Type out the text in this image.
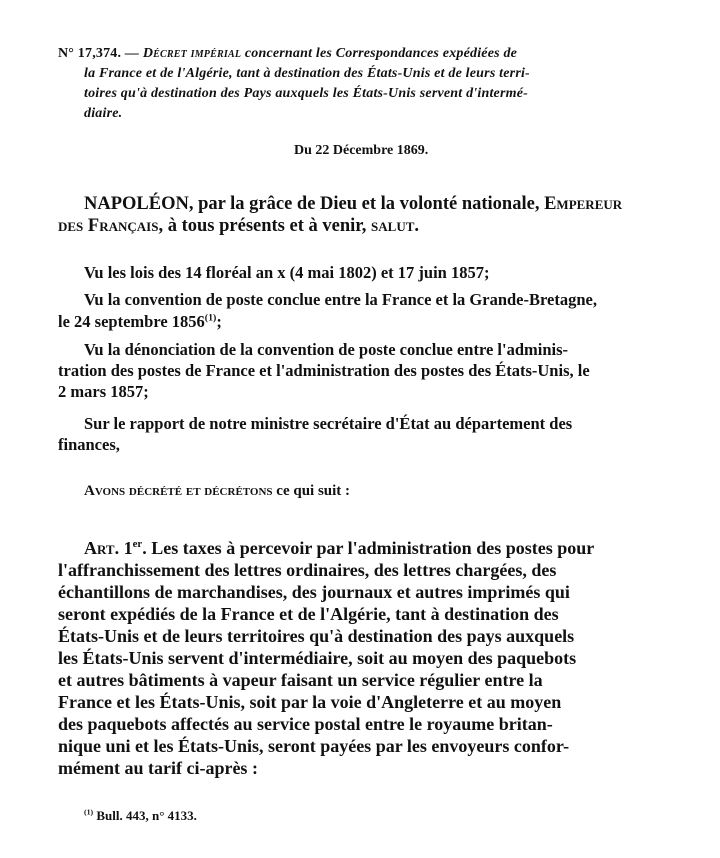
N° 17,374. — Décret impérial concernant les Correspondances expédiées de

la France et de l'Algérie, tant à destination des États-Unis et de leurs terri-

toires qu'à destination des Pays auxquels les États-Unis servent d'intermé-

diaire.

Du 22 Décembre 1869.

NAPOLÉON, par la grâce de Dieu et la volonté nationale, Empereur

des Français, à tous présents et à venir, salut.

Vu les lois des 14 floréal an x (4 mai 1802) et 17 juin 1857;

Vu la convention de poste conclue entre la France et la Grande-Bretagne,

le 24 septembre 1856$^{(1)}$;

Vu la dénonciation de la convention de poste conclue entre l'adminis-

tration des postes de France et l'administration des postes des États-Unis, le

2 mars 1857;

Sur le rapport de notre ministre secrétaire d'État au département des

finances,

Avons décrété et décrétons ce qui suit :

Art. 1er. Les taxes à percevoir par l'administration des postes pour

l'affranchissement des lettres ordinaires, des lettres chargées, des

échantillons de marchandises, des journaux et autres imprimés qui

seront expédiés de la France et de l'Algérie, tant à destination des

États-Unis et de leurs territoires qu'à destination des pays auxquels

les États-Unis servent d'intermédiaire, soit au moyen des paquebots

et autres bâtiments à vapeur faisant un service régulier entre la

France et les États-Unis, soit par la voie d'Angleterre et au moyen

des paquebots affectés au service postal entre le royaume britan-

nique uni et les États-Unis, seront payées par les envoyeurs confor-

mément au tarif ci-après :

$^{(1)}$ Bull. 443, n° 4133.
